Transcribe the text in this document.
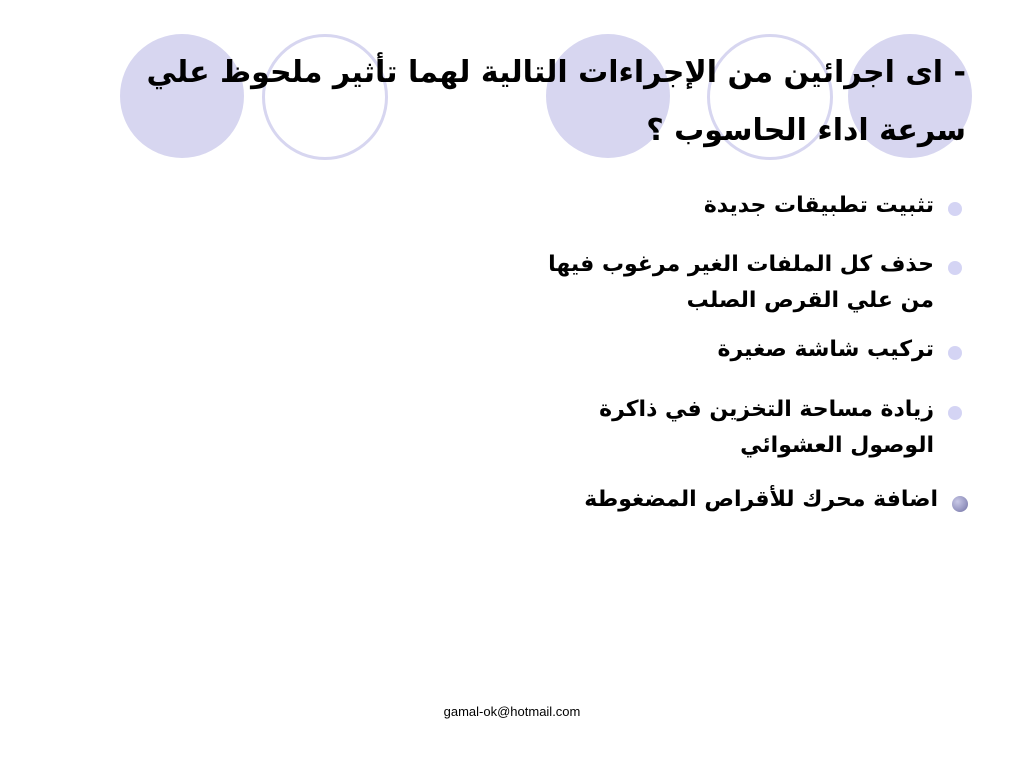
- اى اجرائين من الإجراءات التالية لهما تأثير ملحوظ علي
سرعة اداء الحاسوب ؟
تثبيت تطبيقات جديدة
حذف كل الملفات الغير مرغوب فيها
من علي القرص الصلب
تركيب شاشة صغيرة
زيادة مساحة التخزين في ذاكرة
الوصول العشوائي
اضافة محرك للأقراص المضغوطة
gamal-ok@hotmail.com
